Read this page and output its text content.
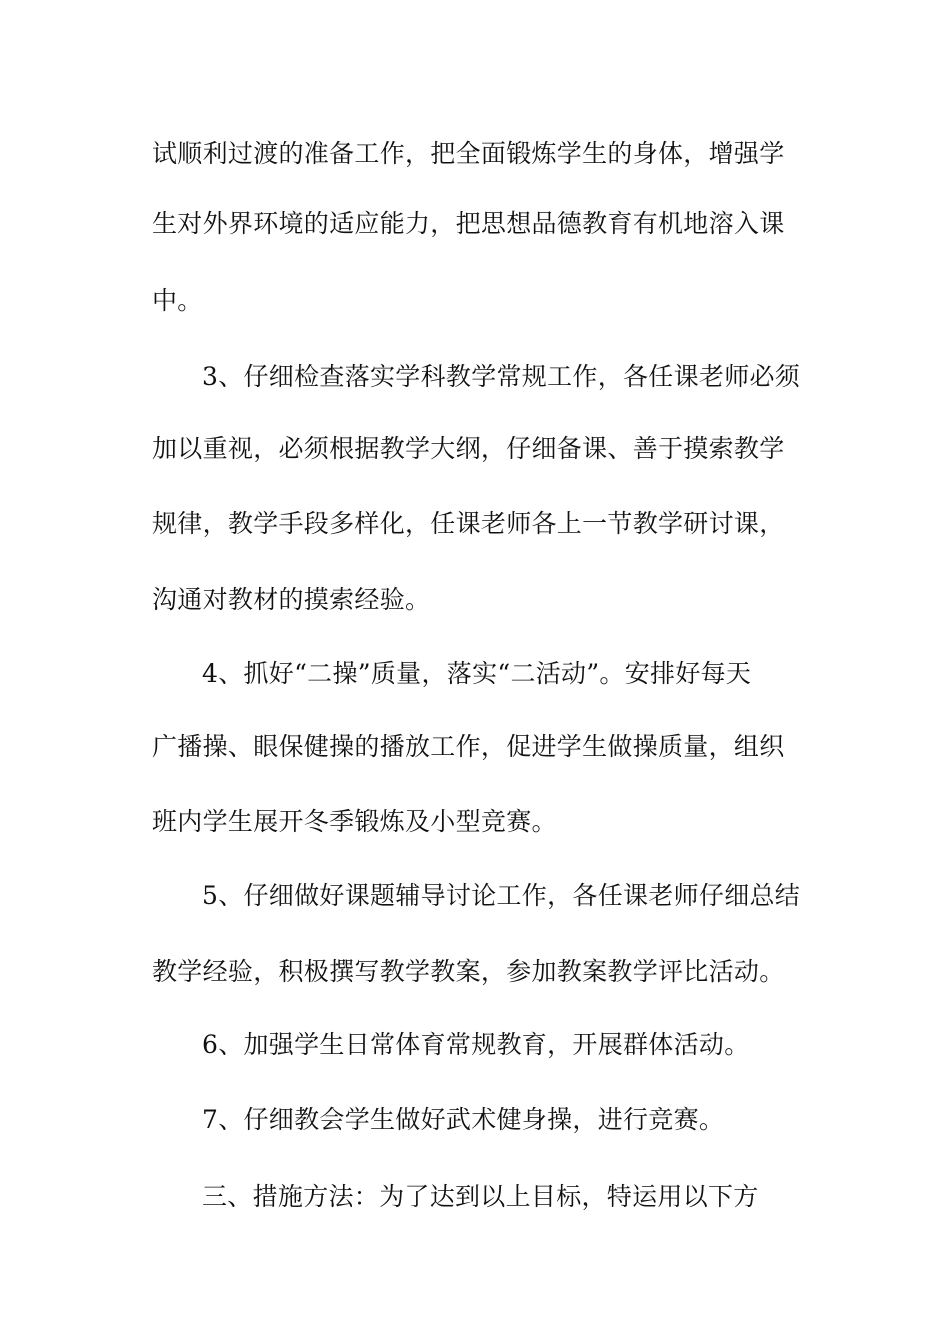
试顺利过渡的准备工作，把全面锻炼学生的身体，增强学
生对外界环境的适应能力，把思想品德教育有机地溶入课
中。
3、仔细检查落实学科教学常规工作，各任课老师必须
加以重视，必须根据教学大纲，仔细备课、善于摸索教学
规律，教学手段多样化，任课老师各上一节教学研讨课，
沟通对教材的摸索经验。
4、抓好“二操”质量，落实“二活动”。安排好每天
广播操、眼保健操的播放工作，促进学生做操质量，组织
班内学生展开冬季锻炼及小型竞赛。
5、仔细做好课题辅导讨论工作，各任课老师仔细总结
教学经验，积极撰写教学教案，参加教案教学评比活动。
6、加强学生日常体育常规教育，开展群体活动。
7、仔细教会学生做好武术健身操，进行竞赛。
三、措施方法：为了达到以上目标，特运用以下方
